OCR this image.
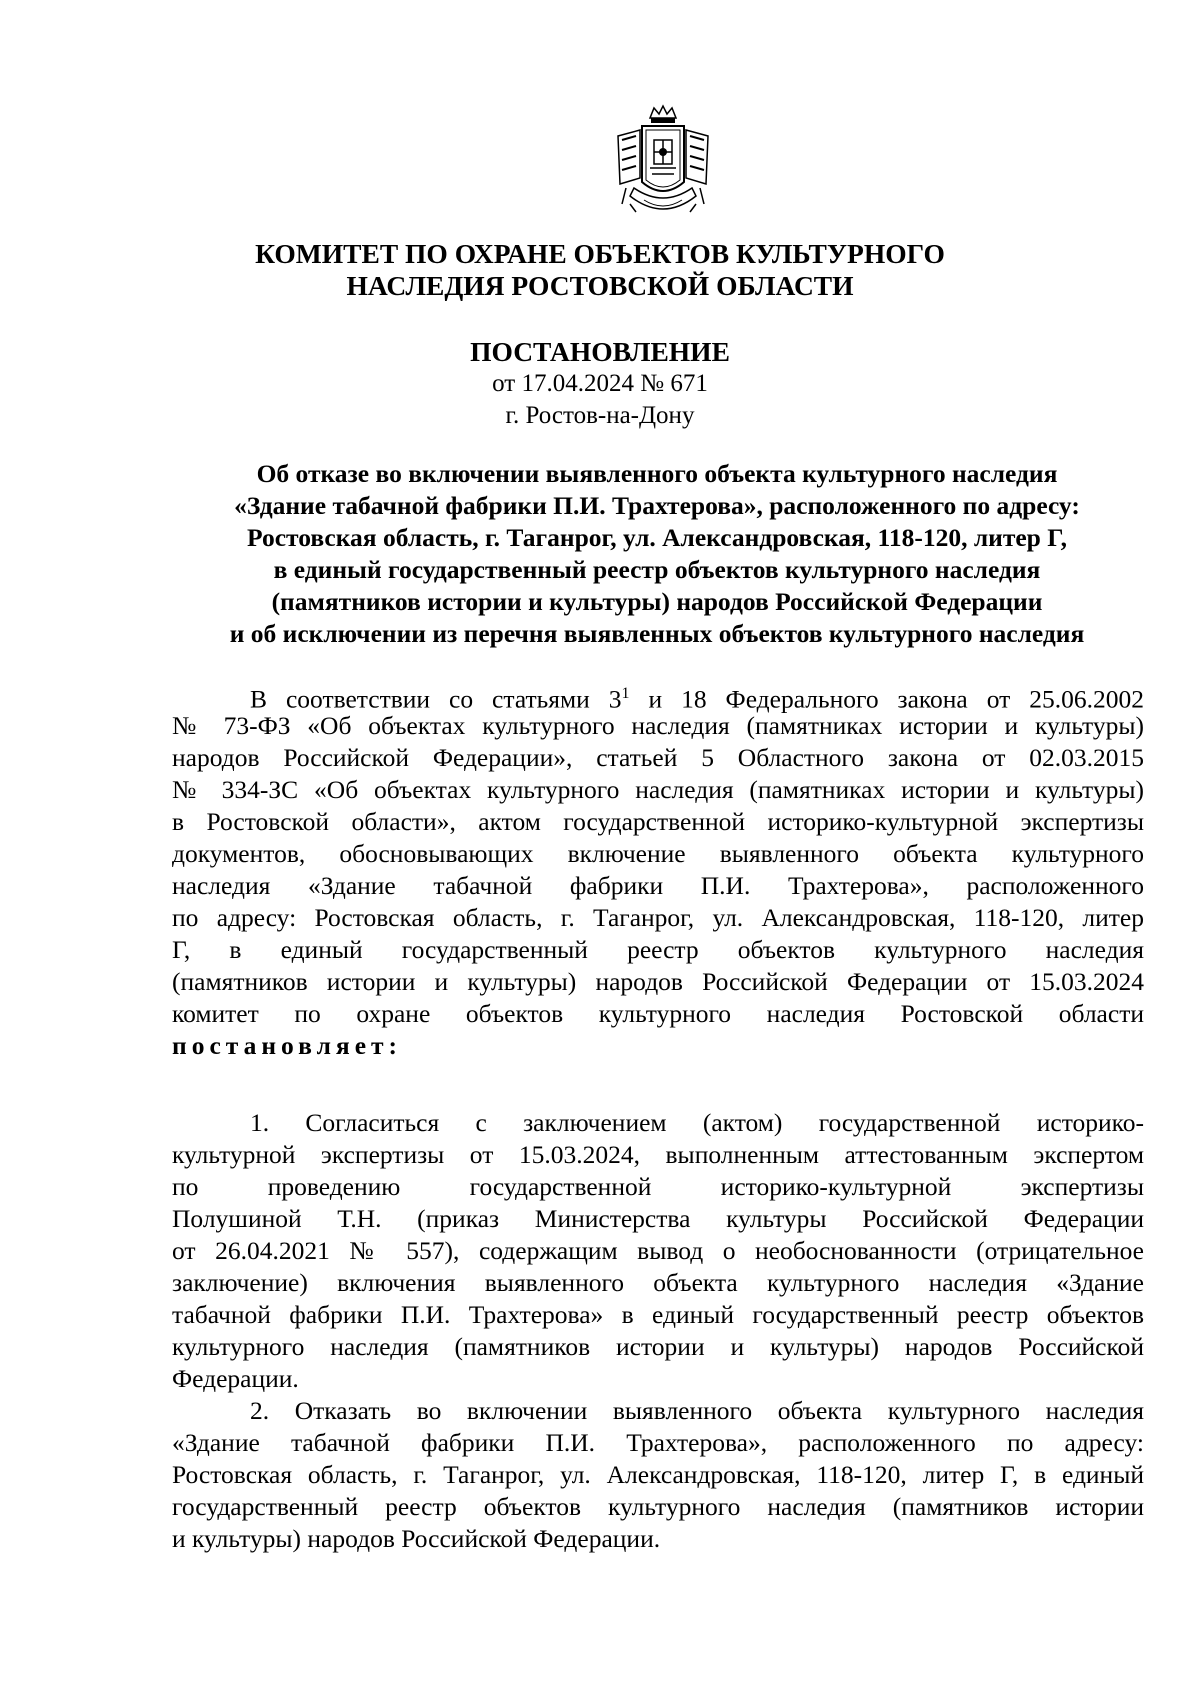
КОМИТЕТ ПО ОХРАНЕ ОБЪЕКТОВ КУЛЬТУРНОГО
НАСЛЕДИЯ РОСТОВСКОЙ ОБЛАСТИ
ПОСТАНОВЛЕНИЕ
от 17.04.2024 № 671
г. Ростов-на-Дону
Об отказе во включении выявленного объекта культурного наследия
«Здание табачной фабрики П.И. Трахтерова», расположенного по адресу:
Ростовская область, г. Таганрог, ул. Александровская, 118-120, литер Г,
в единый государственный реестр объектов культурного наследия
(памятников истории и культуры) народов Российской Федерации
и об исключении из перечня выявленных объектов культурного наследия
В соответствии со статьями $3^1$ и 18 Федерального закона от 25.06.2002
№ 73-ФЗ «Об объектах культурного наследия (памятниках истории и культуры)
народов Российской Федерации», статьей 5 Областного закона от 02.03.2015
№ 334-ЗС «Об объектах культурного наследия (памятниках истории и культуры)
в Ростовской области», актом государственной историко-культурной экспертизы
документов, обосновывающих включение выявленного объекта культурного
наследия «Здание табачной фабрики П.И. Трахтерова», расположенного
по адресу: Ростовская область, г. Таганрог, ул. Александровская, 118-120, литер
Г, в единый государственный реестр объектов культурного наследия
(памятников истории и культуры) народов Российской Федерации от 15.03.2024
комитет по охране объектов культурного наследия Ростовской области
постановляет:
1. Согласиться с заключением (актом) государственной историко-
культурной экспертизы от 15.03.2024, выполненным аттестованным экспертом
по проведению государственной историко-культурной экспертизы
Полушиной Т.Н. (приказ Министерства культуры Российской Федерации
от 26.04.2021 № 557), содержащим вывод о необоснованности (отрицательное
заключение) включения выявленного объекта культурного наследия «Здание
табачной фабрики П.И. Трахтерова» в единый государственный реестр объектов
культурного наследия (памятников истории и культуры) народов Российской
Федерации.
2. Отказать во включении выявленного объекта культурного наследия
«Здание табачной фабрики П.И. Трахтерова», расположенного по адресу:
Ростовская область, г. Таганрог, ул. Александровская, 118-120, литер Г, в единый
государственный реестр объектов культурного наследия (памятников истории
и культуры) народов Российской Федерации.
